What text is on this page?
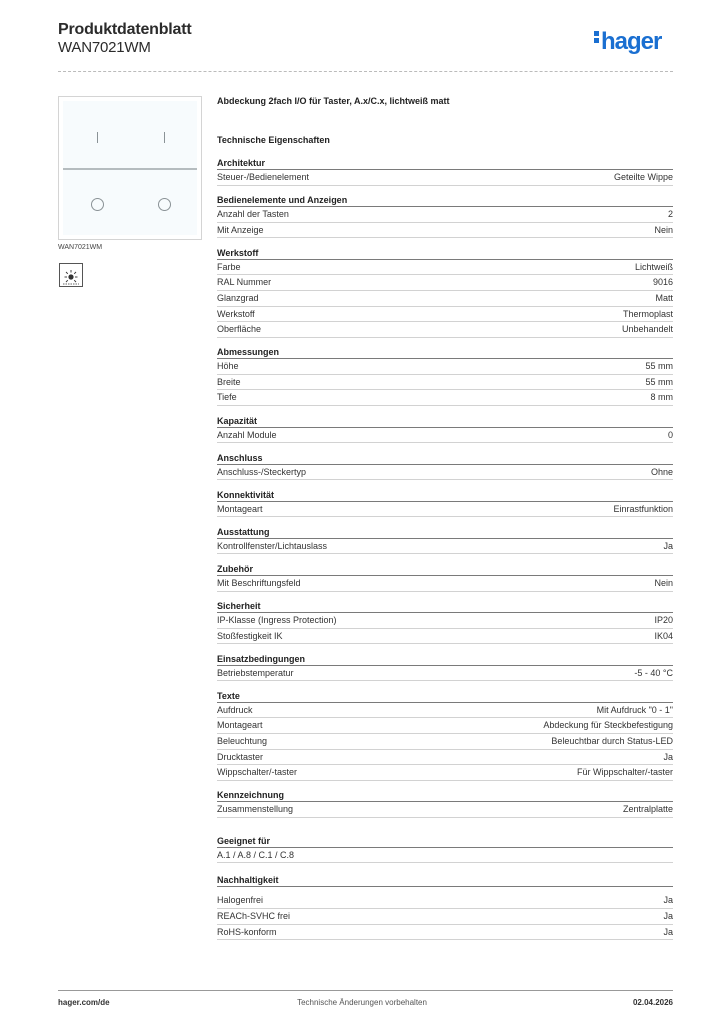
Produktdatenblatt
WAN7021WM	hager
WAN7021WM
Abdeckung 2fach I/O für Taster, A.x/C.x, lichtweiß matt
Technische Eigenschaften
Architektur
Steuer-/Bedienelement	Geteilte Wippe
Bedienelemente und Anzeigen
Anzahl der Tasten	2
Mit Anzeige	Nein
Werkstoff
Farbe	Lichtweiß
RAL Nummer	9016
Glanzgrad	Matt
Werkstoff	Thermoplast
Oberfläche	Unbehandelt
Abmessungen
Höhe	55 mm
Breite	55 mm
Tiefe	8 mm
Kapazität
Anzahl Module	0
Anschluss
Anschluss-/Steckertyp	Ohne
Konnektivität
Montageart	Einrastfunktion
Ausstattung
Kontrollfenster/Lichtauslass	Ja
Zubehör
Mit Beschriftungsfeld	Nein
Sicherheit
IP-Klasse (Ingress Protection)	IP20
Stoßfestigkeit IK	IK04
Einsatzbedingungen
Betriebstemperatur	-5 - 40 °C
Texte
Aufdruck	Mit Aufdruck "0 - 1"
Montageart	Abdeckung für Steckbefestigung
Beleuchtung	Beleuchtbar durch Status-LED
Drucktaster	Ja
Wippschalter/-taster	Für Wippschalter/-taster
Kennzeichnung
Zusammenstellung	Zentralplatte
Geeignet für
A.1 / A.8 / C.1 / C.8
Nachhaltigkeit
Halogenfrei	Ja
REACh-SVHC frei	Ja
RoHS-konform	Ja
hager.com/de	Technische Änderungen vorbehalten	02.04.2026
